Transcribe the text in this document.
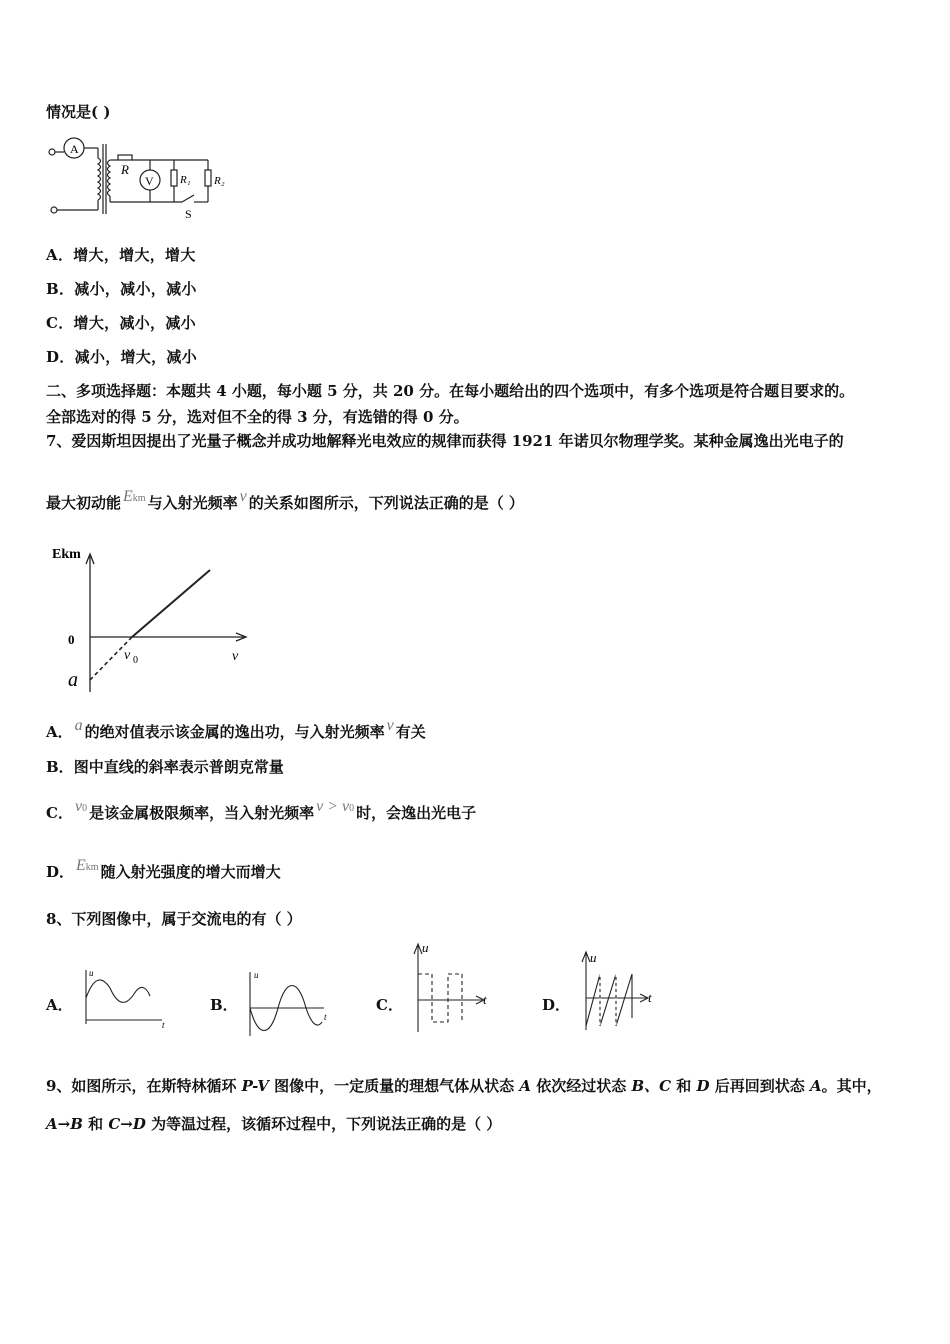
情况是( )
A
V
R
R₁ R₂
S
A．增大，增大，增大
B．减小，减小，减小
C．增大，减小，减小
D．减小，增大，减小
二、多项选择题：本题共 4 小题，每小题 5 分，共 20 分。在每小题给出的四个选项中，有多个选项是符合题目要求的。
全部选对的得 5 分，选对但不全的得 3 分，有选错的得 0 分。
7、爱因斯坦因提出了光量子概念并成功地解释光电效应的规律而获得 1921 年诺贝尔物理学奖。某种金属逸出光电子的
最大初动能 Ekm 与入射光频率 v 的关系如图所示，下列说法正确的是（ ）
Ekm
0
v 0	v
a
A． a 的绝对值表示该金属的逸出功，与入射光频率 v 有关
B．图中直线的斜率表示普朗克常量
C． v0 是该金属极限频率，当入射光频率 v > v0 时，会逸出光电子
D． Ekm 随入射光强度的增大而增大
8、下列图像中，属于交流电的有（ ）
A．
u
t
B．
u
t
C．
u
t	D．
u
t
9、如图所示，在斯特林循环 P-V 图像中，一定质量的理想气体从状态 A 依次经过状态 B、C 和 D 后再回到状态 A。其中，
A→B 和 C→D 为等温过程，该循环过程中，下列说法正确的是（ ）
